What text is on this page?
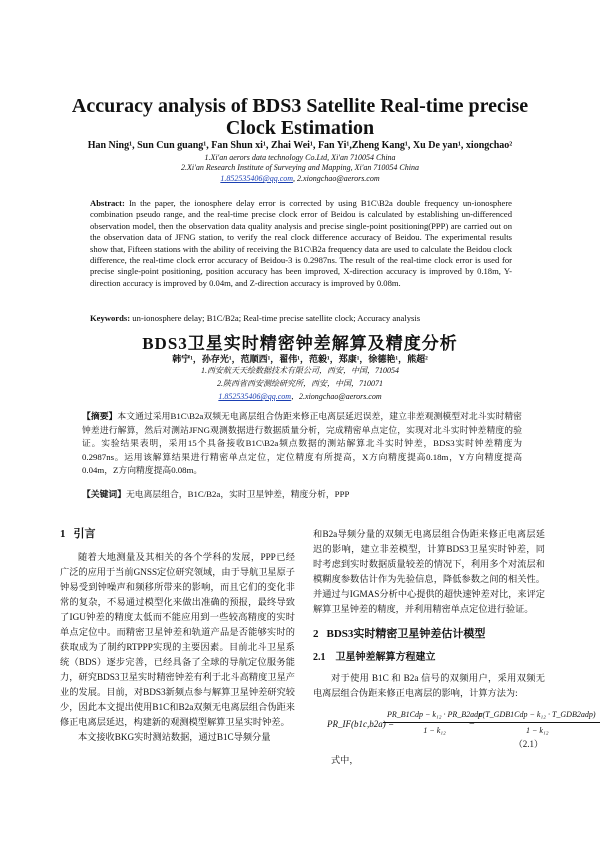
Accuracy analysis of BDS3 Satellite Real-time precise Clock Estimation
Han Ning¹, Sun Cun guang¹, Fan Shun xi¹, Zhai Wei¹, Fan Yi¹,Zheng Kang¹, Xu De yan¹, xiongchao²
1.Xi'an aerors data technology Co.Ltd, Xi'an 710054 China
2.Xi'an Research Institute of Surveying and Mapping, Xi'an 710054 China
1.852535406@qq.com, 2.xiongchao@aerors.com
Abstract: In the paper, the ionosphere delay error is corrected by using B1C\B2a double frequency un-ionosphere combination pseudo range, and the real-time precise clock error of Beidou is calculated by establishing un-differenced observation model, then the observation data quality analysis and precise single-point positioning(PPP) are carried out on the observation data of JFNG station, to verify the real clock difference accuracy of Beidou. The experimental results show that, Fifteen stations with the ability of receiving the B1C\B2a frequency data are used to calculate the Beidou clock difference, the real-time clock error accuracy of Beidou-3 is 0.2987ns. The result of the real-time clock error is used for precise single-point positioning, position accuracy has been improved, X-direction accuracy is improved by 0.18m, Y-direction accuracy is improved by 0.04m, and Z-direction accuracy is improved by 0.08m.
Keywords: un-ionosphere delay; B1C/B2a; Real-time precise satellite clock; Accuracy analysis
BDS3卫星实时精密钟差解算及精度分析
韩宁¹，孙存光¹，范顺西¹，翟伟¹，范毅¹，郑康¹，徐德艳¹，熊超²
1.西安航天天绘数据技术有限公司，西安，中国，710054
2.陕西省西安测绘研究所，西安，中国，710071
1.852535406@qq.com，2.xiongchao@aerors.com
【摘要】本文通过采用B1C\B2a双频无电离层组合伪距来修正电离层延迟误差，建立非差观测模型对北斗实时精密钟差进行解算，然后对测站JFNG观测数据进行数据质量分析，完成精密单点定位，实现对北斗实时钟差精度的验证。实验结果表明，采用15个具备接收B1C\B2a频点数据的测站解算北斗实时钟差，BDS3实时钟差精度为0.2987ns。运用该解算结果进行精密单点定位，定位精度有所提高，X方向精度提高0.18m，Y方向精度提高0.04m，Z方向精度提高0.08m。
【关键词】无电离层组合，B1C/B2a，实时卫星钟差，精度分析，PPP
1 引言

随着大地测量及其相关的各个学科的发展，PPP已经广泛的应用于当前GNSS定位研究领域，由于导航卫星原子钟易受到钟噪声和频移所带来的影响，而且它们的变化非常的复杂，不易通过模型化来做出准确的预报，最终导致了IGU钟差的精度太低而不能应用到一些较高精度的实时单点定位中。而精密卫星钟差和轨道产品是否能够实时的获取成为了制约RTPPP实现的主要因素。目前北斗卫星系统（BDS）逐步完善，已经具备了全球的导航定位服务能力，研究BDS3卫星实时精密钟差有利于北斗高精度卫星产业的发展。目前，对BDS3新频点参与解算卫星钟差研究较少，因此本文提出使用B1C和B2a双频无电离层组合伪距来修正电离层延迟，构建新的观测模型解算卫星实时钟差。

本文接收BKG实时测站数据，通过B1C导频分量

和B2a导频分量的双频无电离层组合伪距来修正电离层延迟的影响，建立非差模型，计算BDS3卫星实时钟差，同时考虑到实时数据质量较差的情况下，利用多个对流层和模糊度参数估计作为先验信息，降低参数之间的相关性。并通过与IGMAS分析中心提供的超快速钟差对比，来评定解算卫星钟差的精度，并利用精密单点定位进行验证。

2 BDS3实时精密卫星钟差估计模型
2.1 卫星钟差解算方程建立

对于使用 B1C 和 B2a 信号的双频用户，采用双频无电离层组合伪距来修正电离层的影响，计算方法为:

PR_IF(b1c,b2a) =
PR_B1Cdp − k₁₂ · PR_B2adp
1 − k₁₂
−
c(T_GDB1Cdp − k₁₂ · T_GDB2adp)
1 − k₁₂
（2.1）

式中，
